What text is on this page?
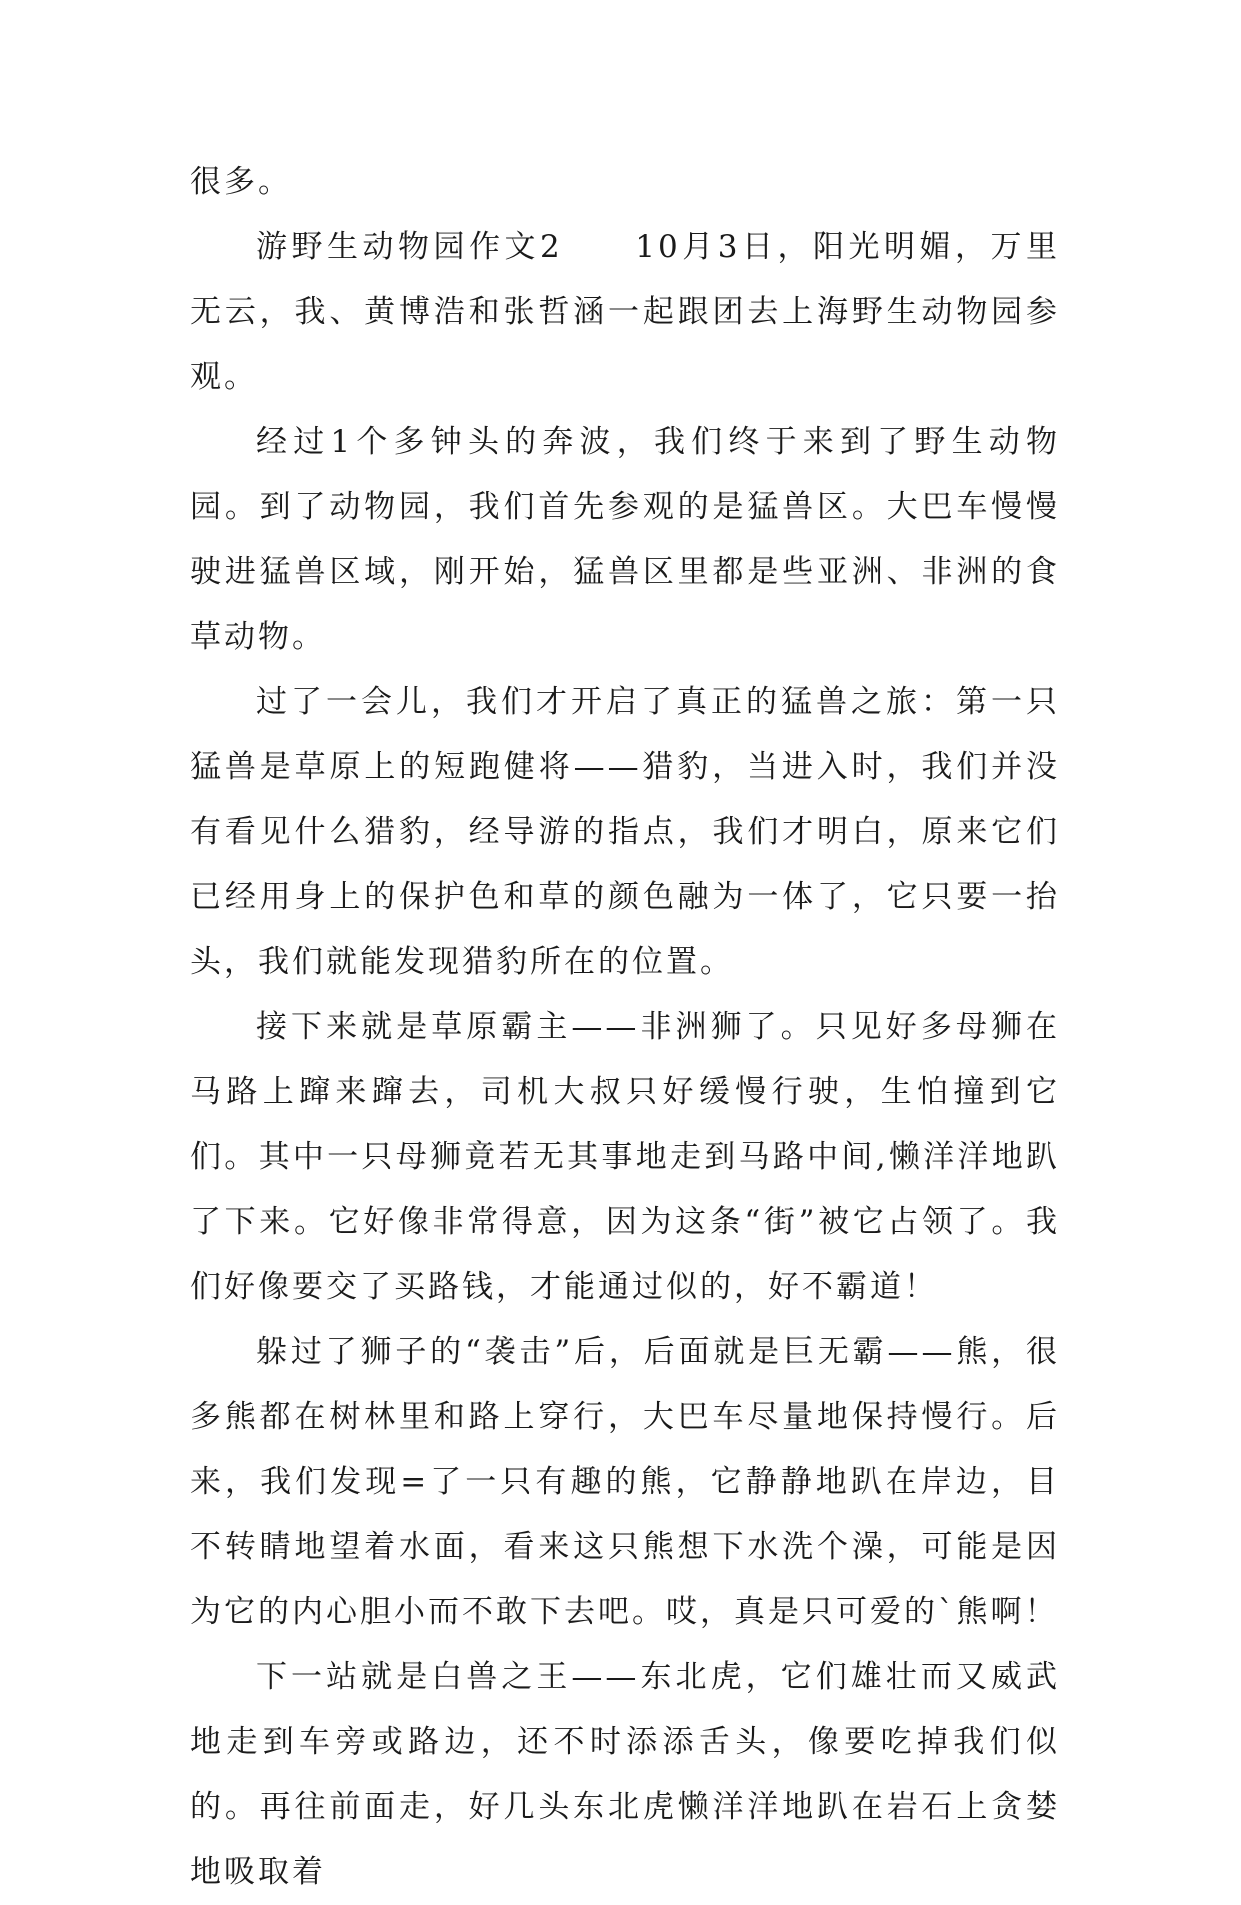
很多。

游野生动物园作文2　　10月3日，阳光明媚，万里无云，我、黄博浩和张哲涵一起跟团去上海野生动物园参观。

经过1个多钟头的奔波，我们终于来到了野生动物园。到了动物园，我们首先参观的是猛兽区。大巴车慢慢驶进猛兽区域，刚开始，猛兽区里都是些亚洲、非洲的食草动物。

过了一会儿，我们才开启了真正的猛兽之旅：第一只猛兽是草原上的短跑健将——猎豹，当进入时，我们并没有看见什么猎豹，经导游的指点，我们才明白，原来它们已经用身上的保护色和草的颜色融为一体了，它只要一抬头，我们就能发现猎豹所在的位置。

接下来就是草原霸主——非洲狮了。只见好多母狮在马路上蹿来蹿去，司机大叔只好缓慢行驶，生怕撞到它们。其中一只母狮竟若无其事地走到马路中间,懒洋洋地趴了下来。它好像非常得意，因为这条“街”被它占领了。我们好像要交了买路钱，才能通过似的，好不霸道！

躲过了狮子的“袭击”后，后面就是巨无霸——熊，很多熊都在树林里和路上穿行，大巴车尽量地保持慢行。后来，我们发现=了一只有趣的熊，它静静地趴在岸边，目不转睛地望着水面，看来这只熊想下水洗个澡，可能是因为它的内心胆小而不敢下去吧。哎，真是只可爱的`熊啊！

下一站就是白兽之王——东北虎，它们雄壮而又威武地走到车旁或路边，还不时添添舌头，像要吃掉我们似的。再往前面走，好几头东北虎懒洋洋地趴在岩石上贪婪地吸取着
